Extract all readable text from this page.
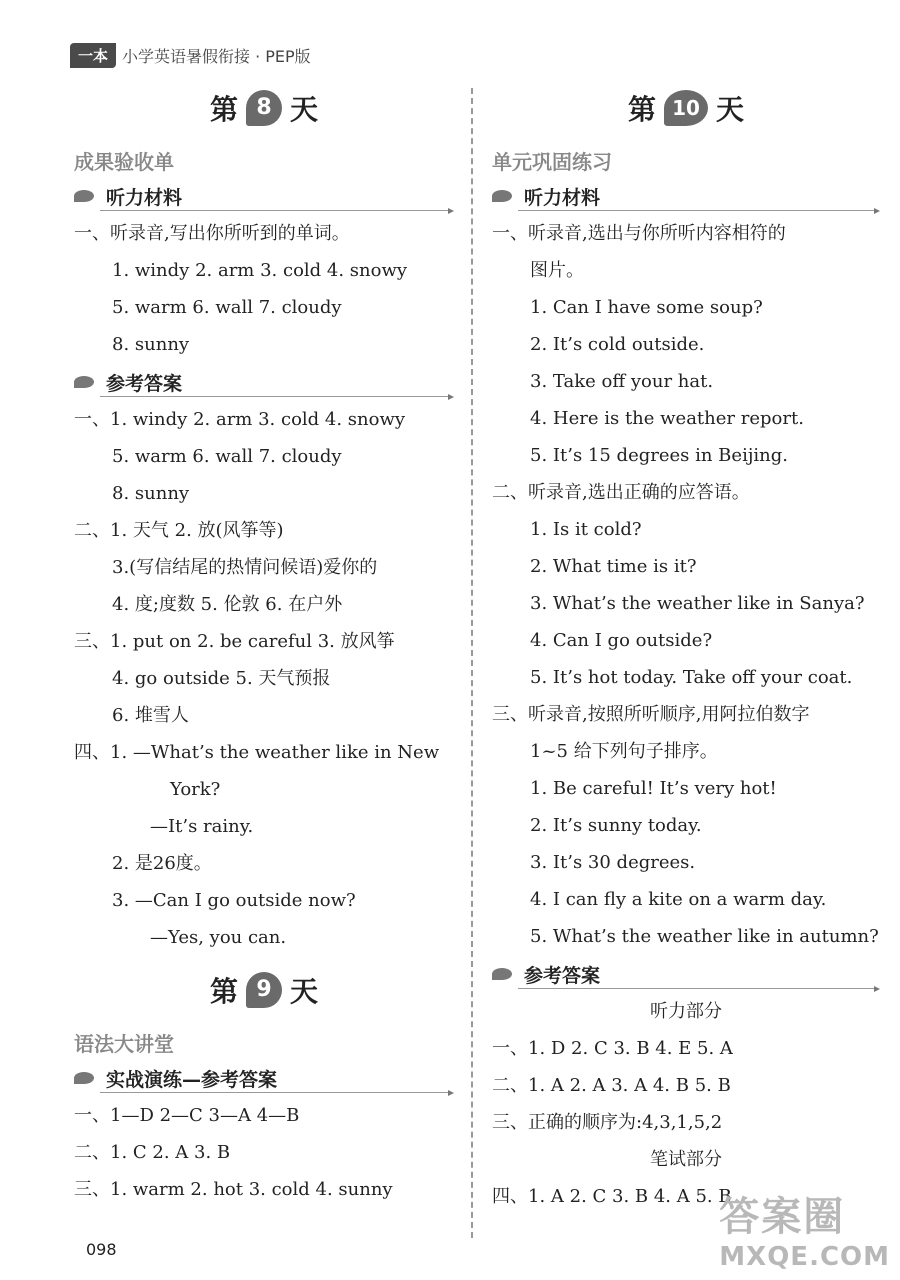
一本 小学英语暑假衔接 · PEP版
第 8 天
成果验收单
听力材料
一、听录音,写出你所听到的单词。
1. windy 2. arm 3. cold 4. snowy
5. warm 6. wall 7. cloudy
8. sunny
参考答案
一、1. windy 2. arm 3. cold 4. snowy
5. warm 6. wall 7. cloudy
8. sunny
二、1. 天气 2. 放(风筝等)
3.(写信结尾的热情问候语)爱你的
4. 度;度数 5. 伦敦 6. 在户外
三、1. put on 2. be careful 3. 放风筝
4. go outside 5. 天气预报
6. 堆雪人
四、1. —What’s the weather like in New
York?
—It’s rainy.
2. 是26度。
3. —Can I go outside now?
—Yes, you can.
第 9 天
语法大讲堂
实战演练—参考答案
一、1—D 2—C 3—A 4—B
二、1. C 2. A 3. B
三、1. warm 2. hot 3. cold 4. sunny
第 10 天
单元巩固练习
听力材料
一、听录音,选出与你所听内容相符的
图片。
1. Can I have some soup?
2. It’s cold outside.
3. Take off your hat.
4. Here is the weather report.
5. It’s 15 degrees in Beijing.
二、听录音,选出正确的应答语。
1. Is it cold?
2. What time is it?
3. What’s the weather like in Sanya?
4. Can I go outside?
5. It’s hot today. Take off your coat.
三、听录音,按照所听顺序,用阿拉伯数字
1~5 给下列句子排序。
1. Be careful! It’s very hot!
2. It’s sunny today.
3. It’s 30 degrees.
4. I can fly a kite on a warm day.
5. What’s the weather like in autumn?
参考答案
听力部分
一、1. D 2. C 3. B 4. E 5. A
二、1. A 2. A 3. A 4. B 5. B
三、正确的顺序为:4,3,1,5,2
笔试部分
四、1. A 2. C 3. B 4. A 5. B
098
答案圈
MXQE.COM
